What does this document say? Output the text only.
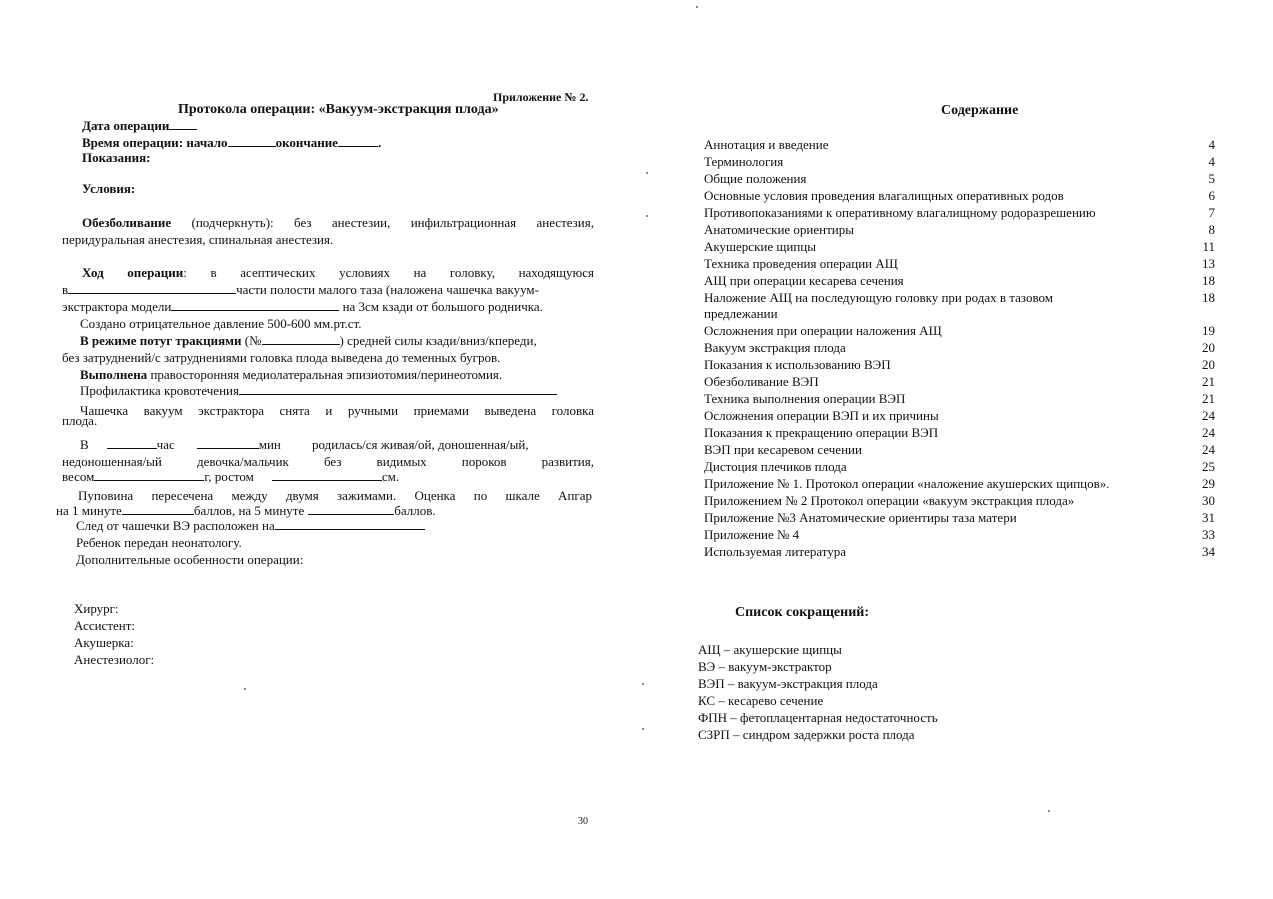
Приложение № 2.
Протокола операции: «Вакуум-экстракция плода»
Дата операции
Время операции: начало	окончание	.
Показания:
Условия:
Обезболивание (подчеркнуть): без анестезии, инфильтрационная анестезия,
перидуральная анестезия, спинальная анестезия.
Ход операции: в асептических условиях на головку, находящуюся
в	части полости малого таза (наложена чашечка вакуум-
экстрактора модели	на 3см кзади от большого родничка.
Создано отрицательное давление 500-600 мм.рт.ст.
В режиме потуг тракциями (№	) средней силы кзади/вниз/кпереди,
без затруднений/с затруднениями головка плода выведена до теменных бугров.
Выполнена правосторонняя медиолатеральная эпизиотомия/перинеотомия.
Профилактика кровотечения
Чашечка вакуум экстрактора снята и ручными приемами выведена головка
плода.
В	час	мин родилась/ся живая/ой, доношенная/ый,
недоношенная/ый девочка/мальчик без видимых пороков развития,
весом	г, ростом	см.
Пуповина пересечена между двумя зажимами. Оценка по шкале Апгар
на 1 минуте	баллов, на 5 минуте	баллов.
След от чашечки ВЭ расположен на
Ребенок передан неонатологу.
Дополнительные особенности операции:
Хирург:
Ассистент:
Акушерка:
Анестезиолог:
30
Содержание
Аннотация и введение	4
Терминология	4
Общие положения	5
Основные условия проведения влагалищных оперативных родов	6
Противопоказаниями к оперативному влагалищному родоразрешению	7
Анатомические ориентиры	8
Акушерские щипцы	11
Техника проведения операции АЩ	13
АЩ при операции кесарева сечения	18
Наложение АЩ на последующую головку при родах в тазовом	18
предлежании
Осложнения при операции наложения АЩ	19
Вакуум экстракция плода	20
Показания к использованию ВЭП	20
Обезболивание ВЭП	21
Техника выполнения операции ВЭП	21
Осложнения операции ВЭП и их причины	24
Показания к прекращению операции ВЭП	24
ВЭП при кесаревом сечении	24
Дистоция плечиков плода	25
Приложение № 1. Протокол операции «наложение акушерских щипцов».	29
Приложением № 2 Протокол операции «вакуум экстракция плода»	30
Приложение №3 Анатомические ориентиры таза матери	31
Приложение № 4	33
Используемая литература	34
Список сокращений:
АЩ – акушерские щипцы
ВЭ – вакуум-экстрактор
ВЭП – вакуум-экстракция плода
КС – кесарево сечение
ФПН – фетоплацентарная недостаточность
СЗРП – синдром задержки роста плода
